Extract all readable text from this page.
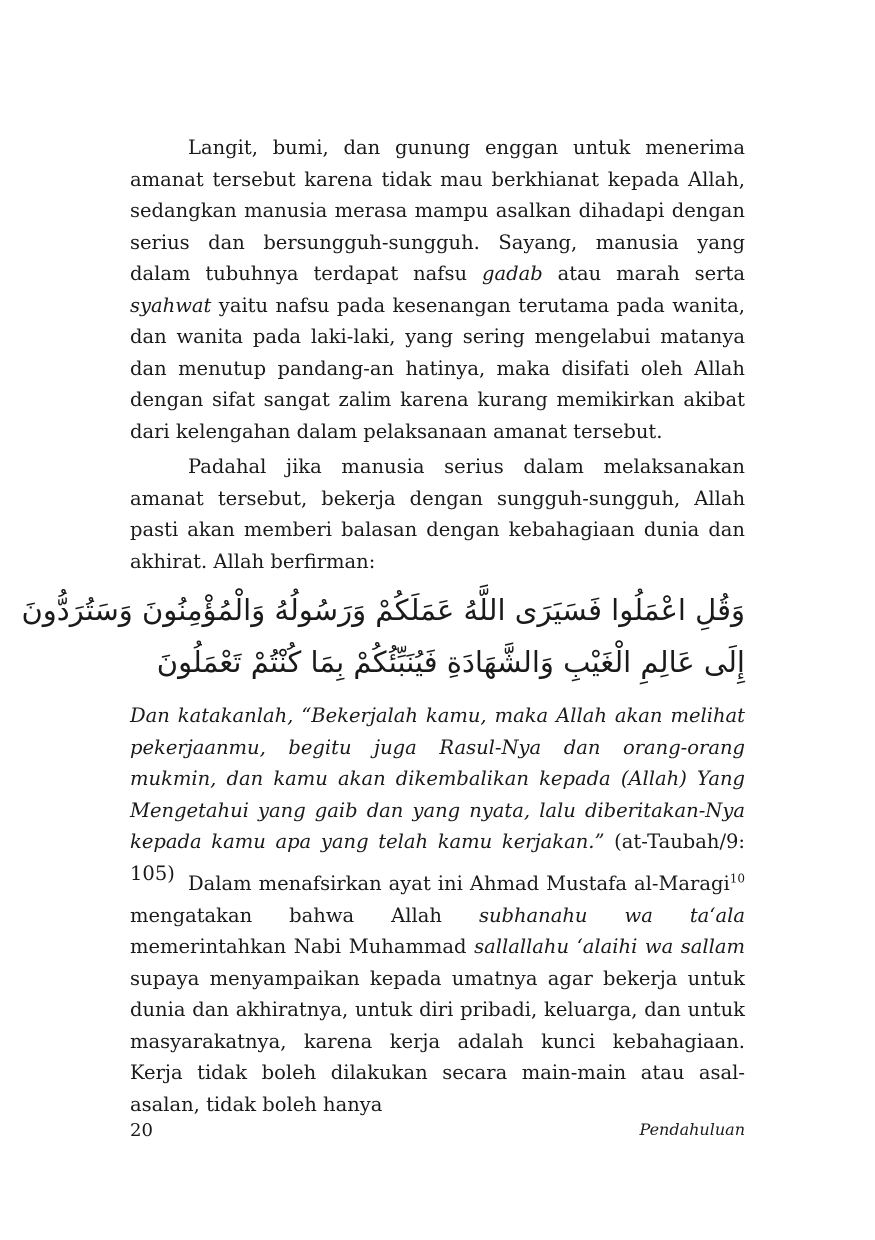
Langit, bumi, dan gunung enggan untuk menerima amanat tersebut karena tidak mau berkhianat kepada Allah, sedangkan manusia merasa mampu asalkan dihadapi dengan serius dan bersungguh-sungguh. Sayang, manusia yang dalam tubuhnya terdapat nafsu gadab atau marah serta syahwat yaitu nafsu pada kesenangan terutama pada wanita, dan wanita pada laki-laki, yang sering mengelabui matanya dan menutup pandang-an hatinya, maka disifati oleh Allah dengan sifat sangat zalim karena kurang memikirkan akibat dari kelengahan dalam pelaksanaan amanat tersebut.

Padahal jika manusia serius dalam melaksanakan amanat tersebut, bekerja dengan sungguh-sungguh, Allah pasti akan memberi balasan dengan kebahagiaan dunia dan akhirat. Allah berfirman:

وَقُلِ اعْمَلُوا فَسَيَرَى اللَّهُ عَمَلَكُمْ وَرَسُولُهُ وَالْمُؤْمِنُونَ وَسَتُرَدُّونَ
إِلَى عَالِمِ الْغَيْبِ وَالشَّهَادَةِ فَيُنَبِّئُكُمْ بِمَا كُنْتُمْ تَعْمَلُونَ

Dan katakanlah, “Bekerjalah kamu, maka Allah akan melihat pekerjaanmu, begitu juga Rasul-Nya dan orang-orang mukmin, dan kamu akan dikembalikan kepada (Allah) Yang Mengetahui yang gaib dan yang nyata, lalu diberitakan-Nya kepada kamu apa yang telah kamu kerjakan.” (at-Taubah/9: 105) Dalam menafsirkan ayat ini Ahmad Mustafa al-Maragi$^{10}$ mengatakan bahwa Allah subhanahu wa ta‘ala memerintahkan Nabi Muhammad sallallahu ‘alaihi wa sallam supaya menyampaikan kepada umatnya agar bekerja untuk dunia dan akhiratnya, untuk diri pribadi, keluarga, dan untuk masyarakatnya, karena kerja adalah kunci kebahagiaan. Kerja tidak boleh dilakukan secara main-main atau asal-asalan, tidak boleh hanya

20	Pendahuluan
